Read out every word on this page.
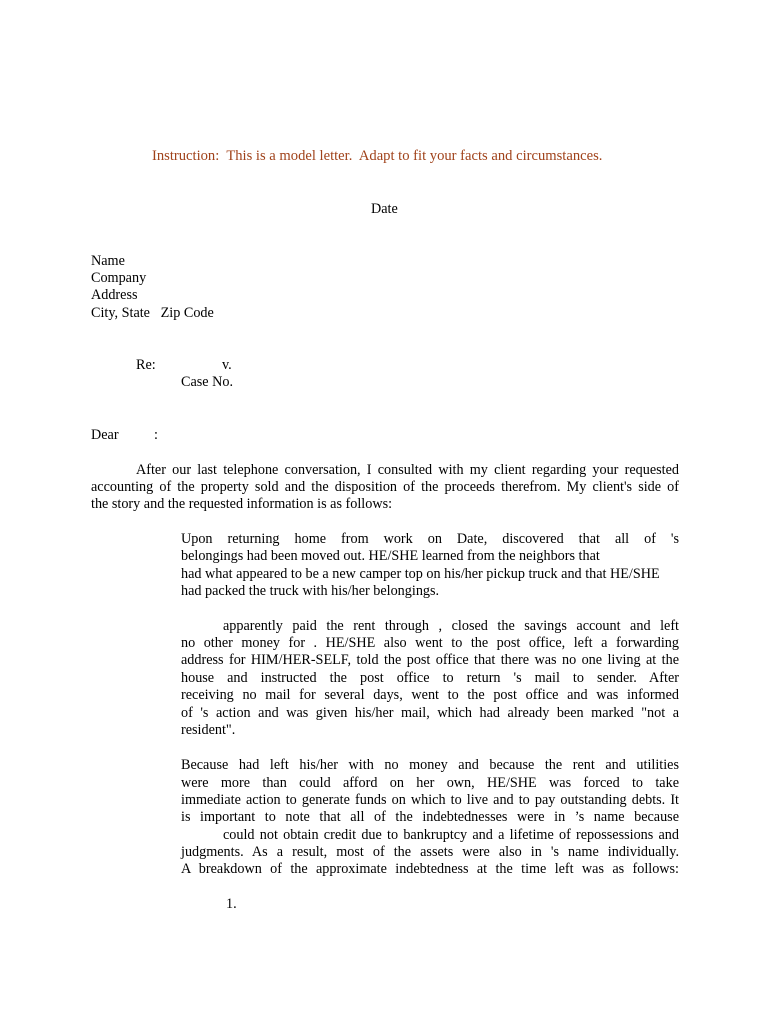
Instruction:  This is a model letter.  Adapt to fit your facts and circumstances.
Date
Name
Company
Address
City, State   Zip Code
Re:	v.
Case No.
Dear          :
After our last telephone conversation, I consulted with my client regarding your requested
accounting of the property sold and the disposition of the proceeds therefrom. My client's side of
the story and the requested information is as follows:
Upon returning home from work on Date, discovered that all of 's
belongings had been moved out. HE/SHE learned from the neighbors that
had what appeared to be a new camper top on his/her pickup truck and that HE/SHE
had packed the truck with his/her belongings.
apparently paid the rent through , closed the savings account and left
no other money for . HE/SHE also went to the post office, left a forwarding
address for HIM/HER-SELF, told the post office that there was no one living at the
house and instructed the post office to return 's mail to sender. After
receiving no mail for several days, went to the post office and was informed
of 's action and was given his/her mail, which had already been marked "not a
resident".
Because had left his/her with no money and because the rent and utilities
were more than could afford on her own, HE/SHE was forced to take
immediate action to generate funds on which to live and to pay outstanding debts. It
is important to note that all of the indebtednesses were in ’s name because
could not obtain credit due to bankruptcy and a lifetime of repossessions and
judgments. As a result, most of the assets were also in 's name individually.
A breakdown of the approximate indebtedness at the time left was as follows:
1.
